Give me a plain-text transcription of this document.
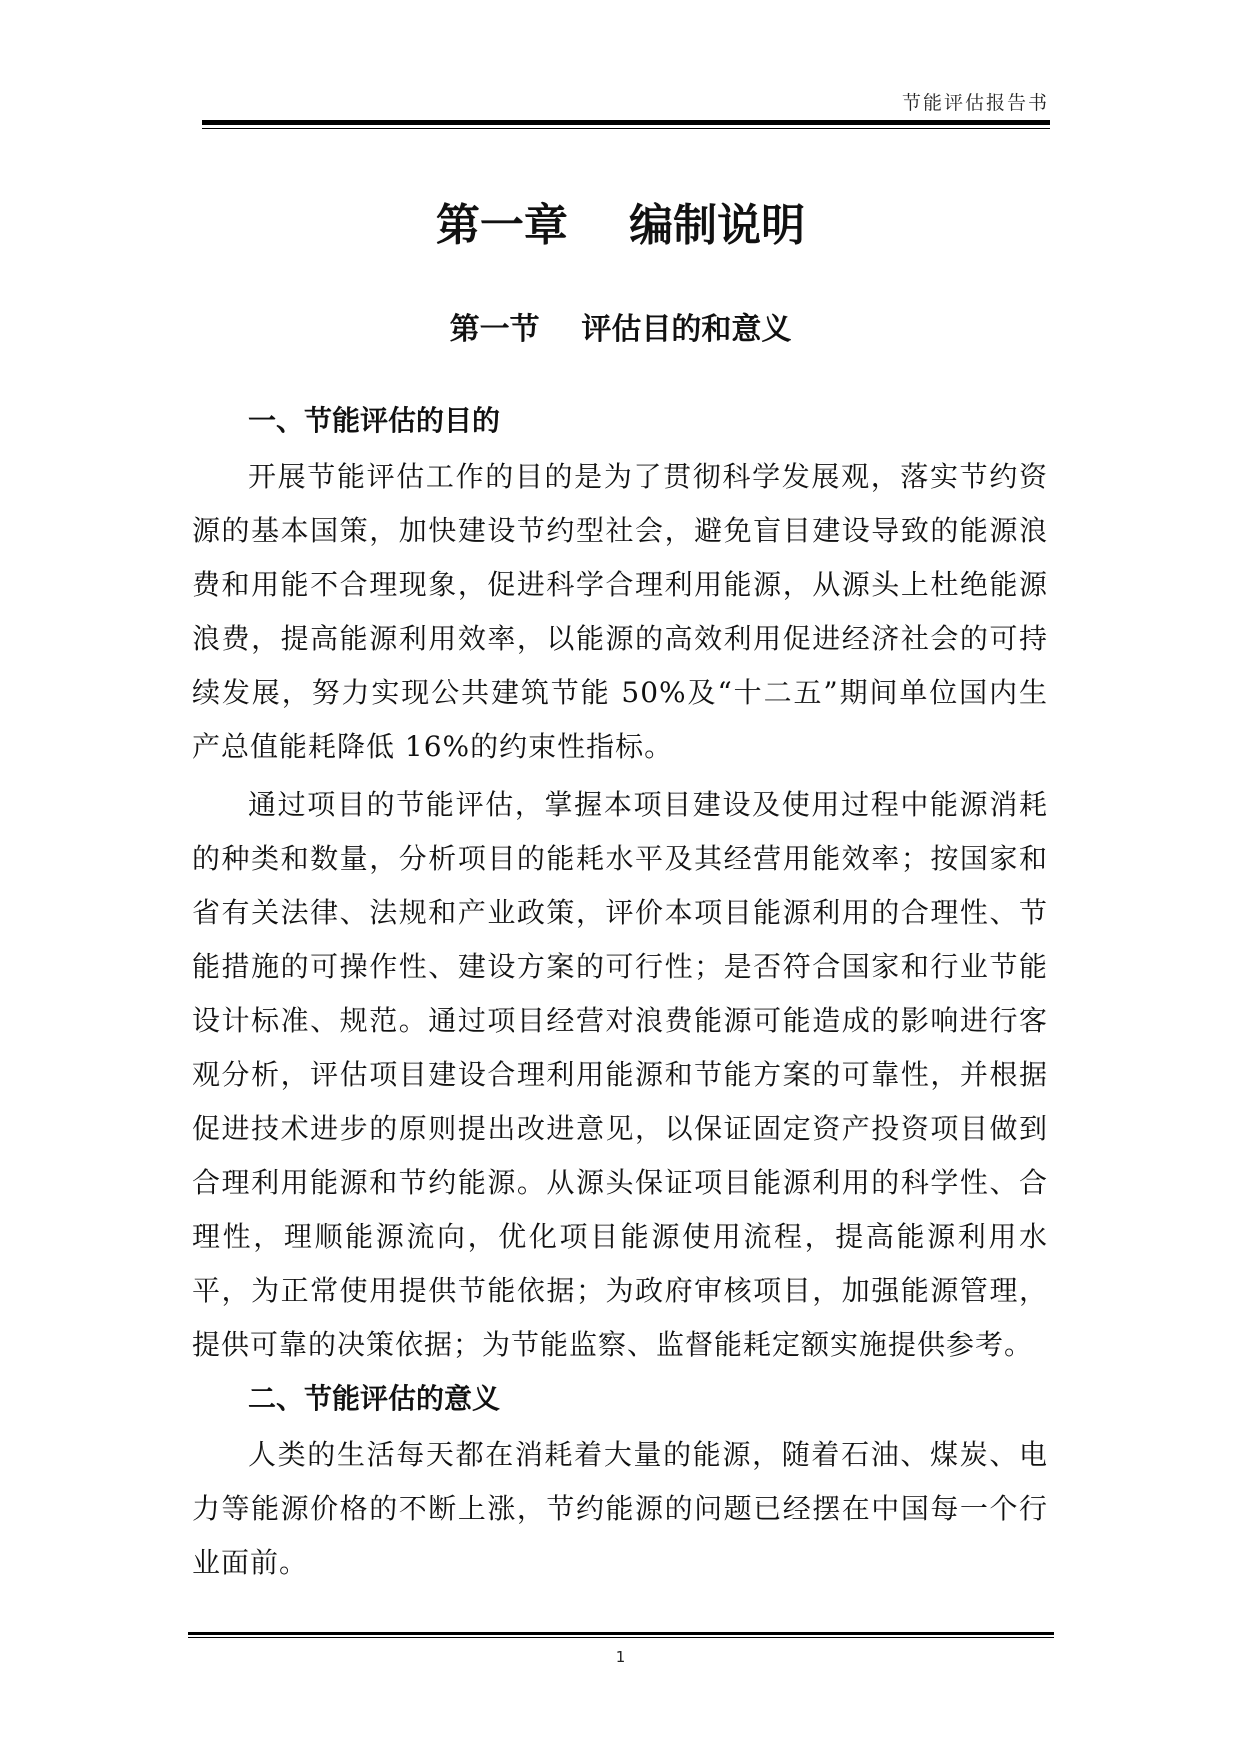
节能评估报告书
第一章    编制说明
第一节    评估目的和意义
一、节能评估的目的

开展节能评估工作的目的是为了贯彻科学发展观，落实节约资源的基本国策，加快建设节约型社会，避免盲目建设导致的能源浪费和用能不合理现象，促进科学合理利用能源，从源头上杜绝能源浪费，提高能源利用效率，以能源的高效利用促进经济社会的可持续发展，努力实现公共建筑节能 50%及“十二五”期间单位国内生产总值能耗降低 16%的约束性指标。

通过项目的节能评估，掌握本项目建设及使用过程中能源消耗的种类和数量，分析项目的能耗水平及其经营用能效率；按国家和省有关法律、法规和产业政策，评价本项目能源利用的合理性、节能措施的可操作性、建设方案的可行性；是否符合国家和行业节能设计标准、规范。通过项目经营对浪费能源可能造成的影响进行客观分析，评估项目建设合理利用能源和节能方案的可靠性，并根据促进技术进步的原则提出改进意见，以保证固定资产投资项目做到合理利用能源和节约能源。从源头保证项目能源利用的科学性、合理性，理顺能源流向，优化项目能源使用流程，提高能源利用水平，为正常使用提供节能依据；为政府审核项目，加强能源管理，提供可靠的决策依据；为节能监察、监督能耗定额实施提供参考。

二、节能评估的意义

人类的生活每天都在消耗着大量的能源，随着石油、煤炭、电力等能源价格的不断上涨，节约能源的问题已经摆在中国每一个行业面前。

1
